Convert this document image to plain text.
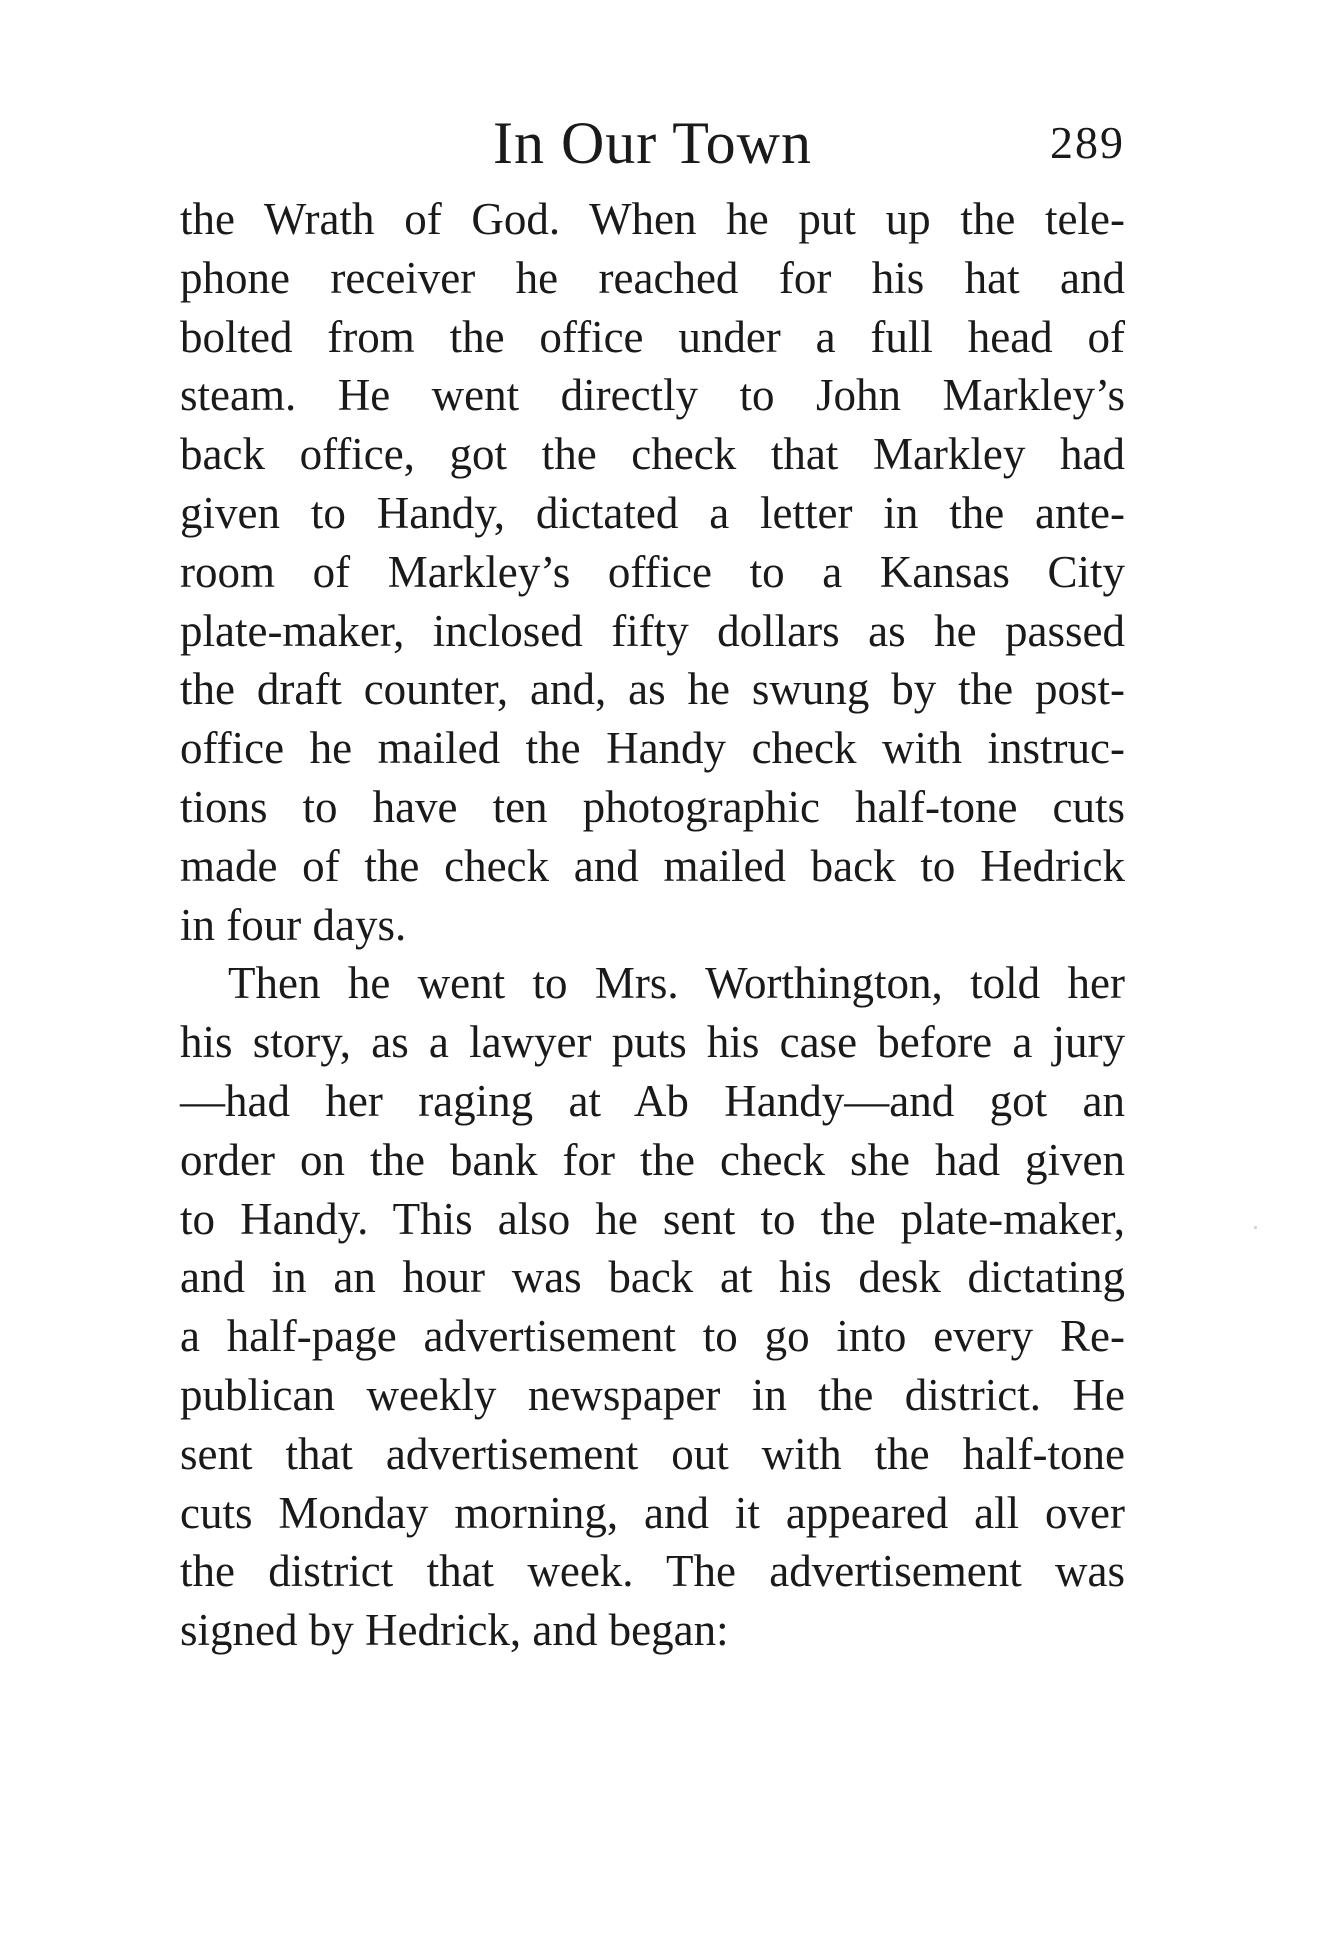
In Our Town	289
the Wrath of God. When he put up the tele-
phone receiver he reached for his hat and
bolted from the office under a full head of
steam. He went directly to John Markley’s
back office, got the check that Markley had
given to Handy, dictated a letter in the ante-
room of Markley’s office to a Kansas City
plate-maker, inclosed fifty dollars as he passed
the draft counter, and, as he swung by the post-
office he mailed the Handy check with instruc-
tions to have ten photographic half-tone cuts
made of the check and mailed back to Hedrick
in four days.
Then he went to Mrs. Worthington, told her
his story, as a lawyer puts his case before a jury
—had her raging at Ab Handy—and got an
order on the bank for the check she had given
to Handy. This also he sent to the plate-maker,
and in an hour was back at his desk dictating
a half-page advertisement to go into every Re-
publican weekly newspaper in the district. He
sent that advertisement out with the half-tone
cuts Monday morning, and it appeared all over
the district that week. The advertisement was
signed by Hedrick, and began:
